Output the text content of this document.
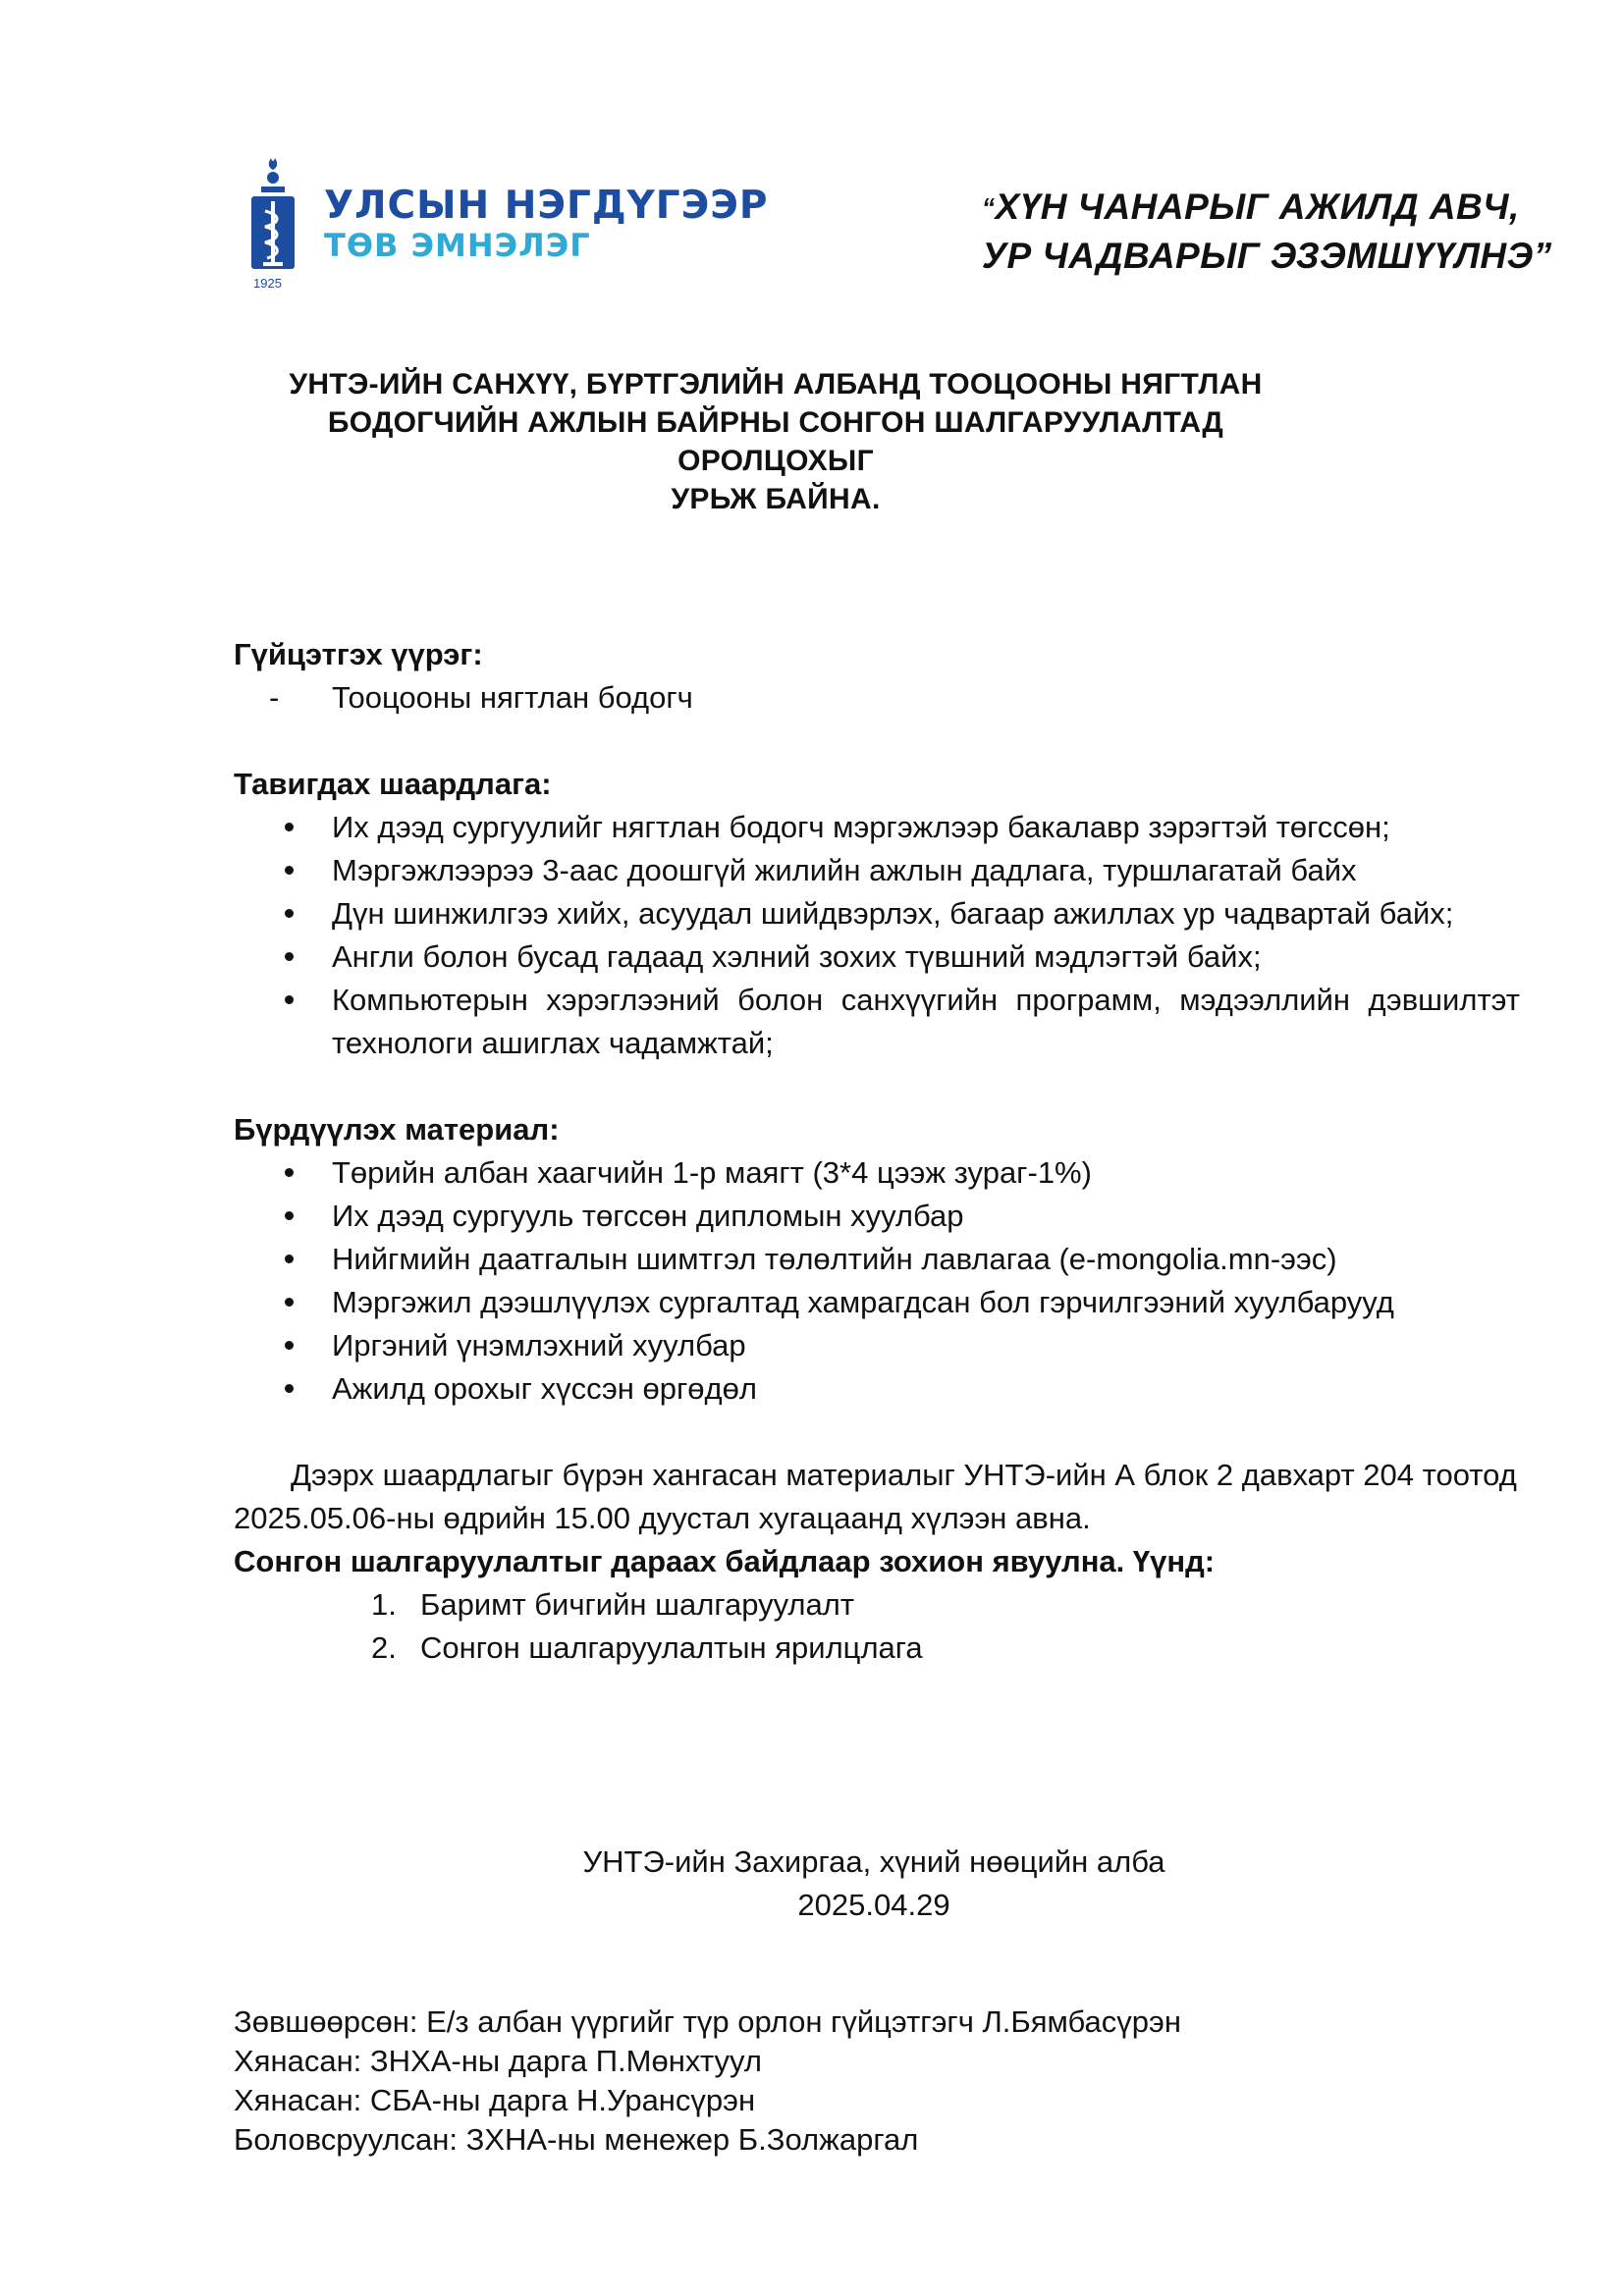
УЛСЫН НЭГДҮГЭЭР
ТӨВ ЭМНЭЛЭГ
1925
“ХҮН ЧАНАРЫГ АЖИЛД АВЧ,
УР ЧАДВАРЫГ ЭЗЭМШҮҮЛНЭ”
УНТЭ-ИЙН САНХҮҮ, БҮРТГЭЛИЙН АЛБАНД ТООЦООНЫ НЯГТЛАН
БОДОГЧИЙН АЖЛЫН БАЙРНЫ СОНГОН ШАЛГАРУУЛАЛТАД ОРОЛЦОХЫГ
УРЬЖ БАЙНА.

Гүйцэтгэх үүрэг:

- Тооцооны нягтлан бодогч

Тавигдах шаардлага:

Их дээд сургуулийг нягтлан бодогч мэргэжлээр бакалавр зэрэгтэй төгссөн;
Мэргэжлээрээ 3-аас доошгүй жилийн ажлын дадлага, туршлагатай байх
Дүн шинжилгээ хийх, асуудал шийдвэрлэх, багаар ажиллах ур чадвартай байх;
Англи болон бусад гадаад хэлний зохих түвшний мэдлэгтэй байх;
Компьютерын хэрэглээний болон санхүүгийн программ, мэдээллийн дэвшилтэт технологи ашиглах чадамжтай;

Бүрдүүлэх материал:

Төрийн албан хаагчийн 1-р маягт (3*4 цээж зураг-1%)
Их дээд сургууль төгссөн дипломын хуулбар
Нийгмийн даатгалын шимтгэл төлөлтийн лавлагаа (e-mongolia.mn-ээс)
Мэргэжил дээшлүүлэх сургалтад хамрагдсан бол гэрчилгээний хуулбарууд
Иргэний үнэмлэхний хуулбар
Ажилд орохыг хүссэн өргөдөл

Дээрх шаардлагыг бүрэн хангасан материалыг УНТЭ-ийн А блок 2 давхарт 204 тоотод 2025.05.06-ны өдрийн 15.00 дуустал хугацаанд хүлээн авна.

Сонгон шалгаруулалтыг дараах байдлаар зохион явуулна. Үүнд:

1. Баримт бичгийн шалгаруулалт
2. Сонгон шалгаруулалтын ярилцлага
УНТЭ-ийн Захиргаа, хүний нөөцийн алба
2025.04.29
Зөвшөөрсөн: Е/з албан үүргийг түр орлон гүйцэтгэгч Л.Бямбасүрэн
Хянасан: ЗНХА-ны дарга П.Мөнхтуул
Хянасан: СБА-ны дарга Н.Урансүрэн
Боловсруулсан: ЗХНА-ны менежер Б.Золжаргал
